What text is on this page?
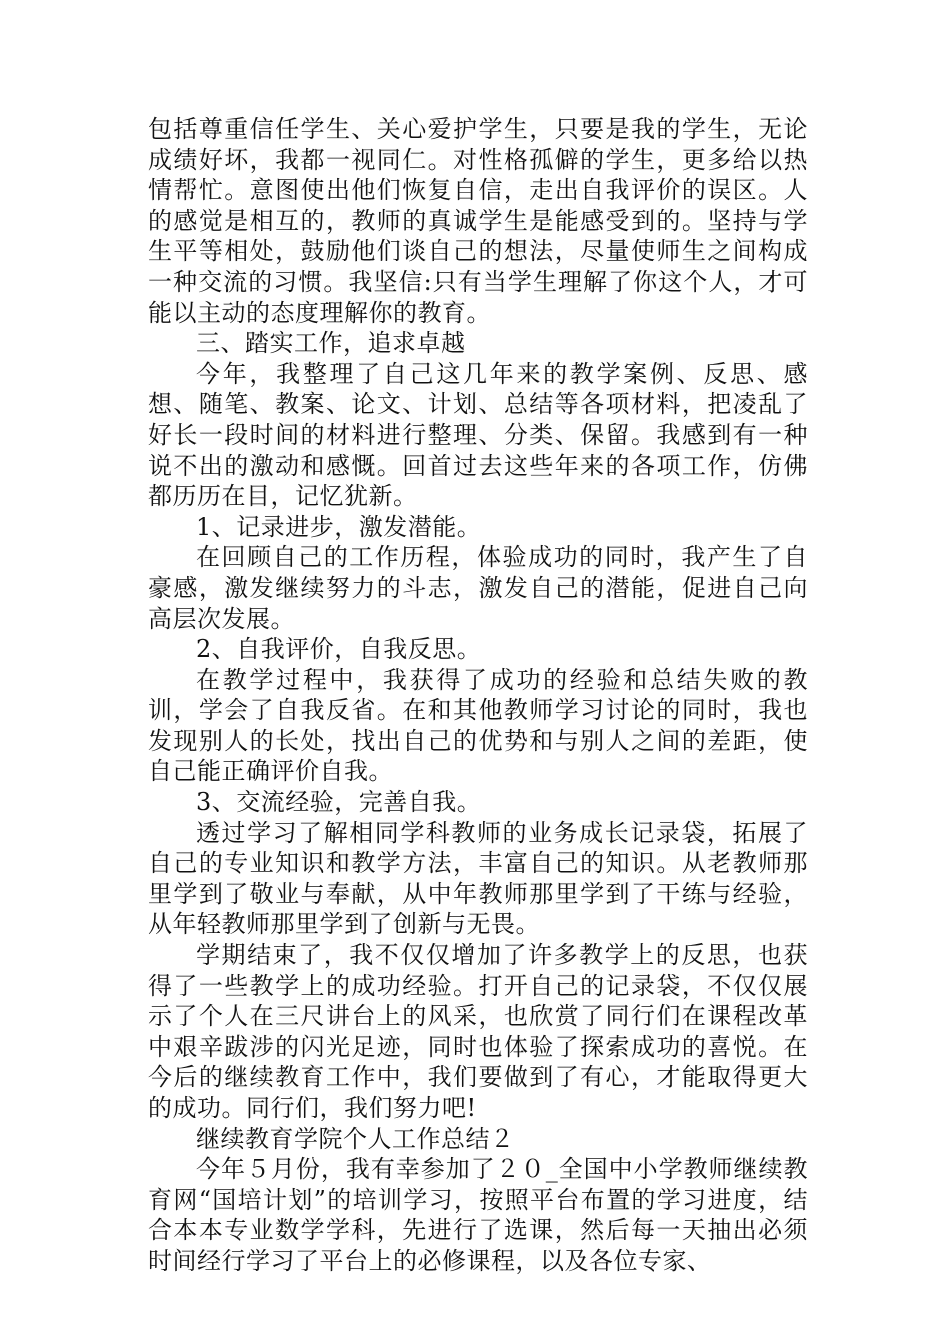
包括尊重信任学生、关心爱护学生，只要是我的学生，无论成绩好坏，我都一视同仁。对性格孤僻的学生，更多给以热情帮忙。意图使出他们恢复自信，走出自我评价的误区。人的感觉是相互的，教师的真诚学生是能感受到的。坚持与学生平等相处，鼓励他们谈自己的想法，尽量使师生之间构成一种交流的习惯。我坚信:只有当学生理解了你这个人，才可能以主动的态度理解你的教育。

三、踏实工作，追求卓越

今年，我整理了自己这几年来的教学案例、反思、感想、随笔、教案、论文、计划、总结等各项材料，把凌乱了好长一段时间的材料进行整理、分类、保留。我感到有一种说不出的激动和感慨。回首过去这些年来的各项工作，仿佛都历历在目，记忆犹新。

1、记录进步，激发潜能。

在回顾自己的工作历程，体验成功的同时，我产生了自豪感，激发继续努力的斗志，激发自己的潜能，促进自己向高层次发展。

2、自我评价，自我反思。

在教学过程中，我获得了成功的经验和总结失败的教训，学会了自我反省。在和其他教师学习讨论的同时，我也发现别人的长处，找出自己的优势和与别人之间的差距，使自己能正确评价自我。

3、交流经验，完善自我。

透过学习了解相同学科教师的业务成长记录袋，拓展了自己的专业知识和教学方法，丰富自己的知识。从老教师那里学到了敬业与奉献，从中年教师那里学到了干练与经验，从年轻教师那里学到了创新与无畏。

学期结束了，我不仅仅增加了许多教学上的反思，也获得了一些教学上的成功经验。打开自己的记录袋，不仅仅展示了个人在三尺讲台上的风采，也欣赏了同行们在课程改革中艰辛跋涉的闪光足迹，同时也体验了探索成功的喜悦。在今后的继续教育工作中，我们要做到了有心，才能取得更大的成功。同行们，我们努力吧!

继续教育学院个人工作总结２

今年５月份，我有幸参加了２０_全国中小学教师继续教育网“国培计划”的培训学习，按照平台布置的学习进度，结合本本专业数学学科，先进行了选课，然后每一天抽出必须时间经行学习了平台上的必修课程，以及各位专家、
